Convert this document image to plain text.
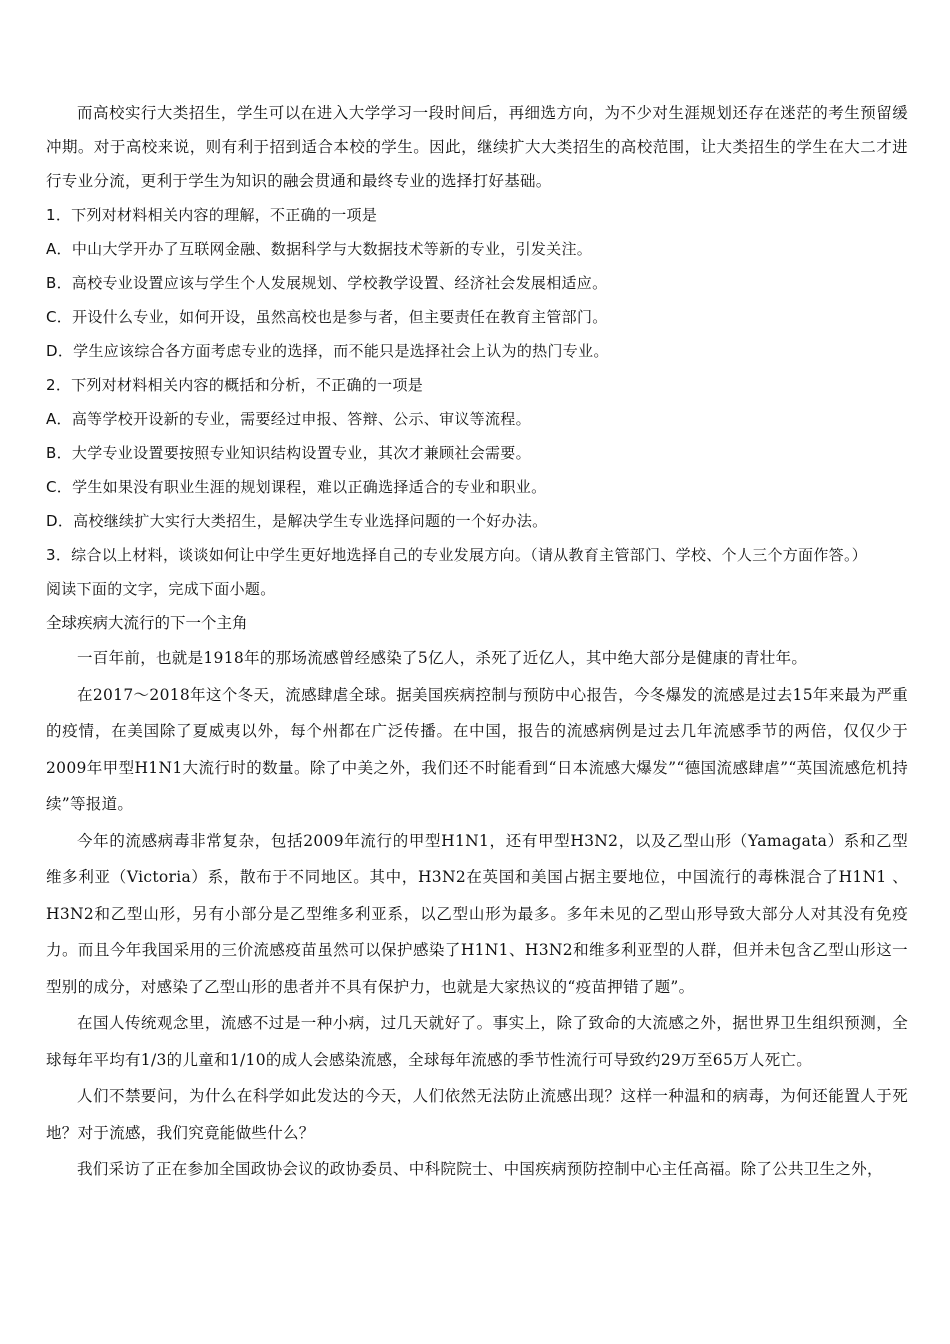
而高校实行大类招生，学生可以在进入大学学习一段时间后，再细选方向，为不少对生涯规划还存在迷茫的考生预留缓冲期。对于高校来说，则有利于招到适合本校的学生。因此，继续扩大大类招生的高校范围，让大类招生的学生在大二才进行专业分流，更利于学生为知识的融会贯通和最终专业的选择打好基础。

1．下列对材料相关内容的理解，不正确的一项是

A．中山大学开办了互联网金融、数据科学与大数据技术等新的专业，引发关注。

B．高校专业设置应该与学生个人发展规划、学校教学设置、经济社会发展相适应。

C．开设什么专业，如何开设，虽然高校也是参与者，但主要责任在教育主管部门。

D．学生应该综合各方面考虑专业的选择，而不能只是选择社会上认为的热门专业。

2．下列对材料相关内容的概括和分析，不正确的一项是

A．高等学校开设新的专业，需要经过申报、答辩、公示、审议等流程。

B．大学专业设置要按照专业知识结构设置专业，其次才兼顾社会需要。

C．学生如果没有职业生涯的规划课程，难以正确选择适合的专业和职业。

D．高校继续扩大实行大类招生，是解决学生专业选择问题的一个好办法。

3．综合以上材料，谈谈如何让中学生更好地选择自己的专业发展方向。（请从教育主管部门、学校、个人三个方面作答。）

阅读下面的文字，完成下面小题。

全球疾病大流行的下一个主角

一百年前，也就是1918年的那场流感曾经感染了5亿人，杀死了近亿人，其中绝大部分是健康的青壮年。

在2017～2018年这个冬天，流感肆虐全球。据美国疾病控制与预防中心报告，今冬爆发的流感是过去15年来最为严重的疫情，在美国除了夏威夷以外，每个州都在广泛传播。在中国，报告的流感病例是过去几年流感季节的两倍，仅仅少于2009年甲型H1N1大流行时的数量。除了中美之外，我们还不时能看到“日本流感大爆发”“德国流感肆虐”“英国流感危机持续”等报道。

今年的流感病毒非常复杂，包括2009年流行的甲型H1N1，还有甲型H3N2，以及乙型山形（Yamagata）系和乙型维多利亚（Victoria）系，散布于不同地区。其中，H3N2在英国和美国占据主要地位，中国流行的毒株混合了H1N1 、H3N2和乙型山形，另有小部分是乙型维多利亚系，以乙型山形为最多。多年未见的乙型山形导致大部分人对其没有免疫力。而且今年我国采用的三价流感疫苗虽然可以保护感染了H1N1、H3N2和维多利亚型的人群，但并未包含乙型山形这一型别的成分，对感染了乙型山形的患者并不具有保护力，也就是大家热议的“疫苗押错了题”。

在国人传统观念里，流感不过是一种小病，过几天就好了。事实上，除了致命的大流感之外，据世界卫生组织预测，全球每年平均有1/3的儿童和1/10的成人会感染流感，全球每年流感的季节性流行可导致约29万至65万人死亡。

人们不禁要问，为什么在科学如此发达的今天，人们依然无法防止流感出现？这样一种温和的病毒，为何还能置人于死地？对于流感，我们究竟能做些什么？

我们采访了正在参加全国政协会议的政协委员、中科院院士、中国疾病预防控制中心主任高福。除了公共卫生之外，
